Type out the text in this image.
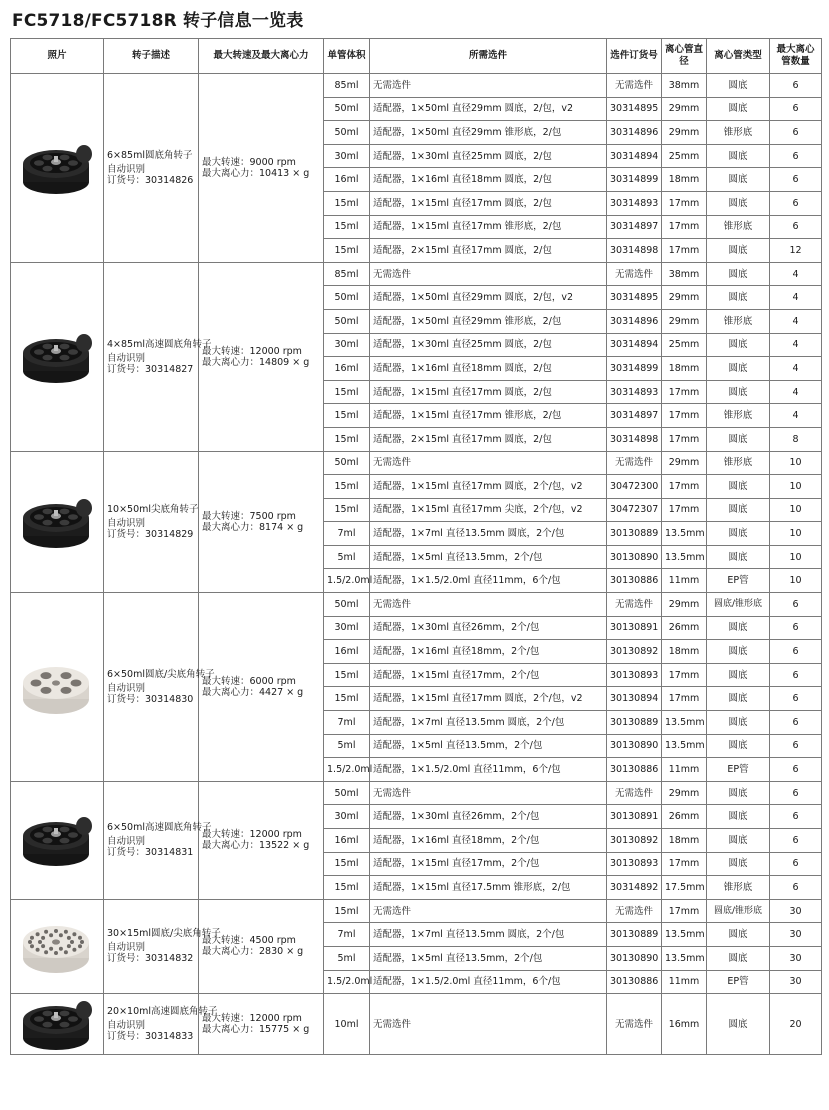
FC5718/FC5718R 转子信息一览表
照片	转子描述	最大转速及最大离心力	单管体积	所需选件	选件订货号	离心管直径	离心管类型	最大离心管数量

6×85ml圆底角转子
自动识别
订货号：30314826	最大转速：9000 rpm
最大离心力：10413 × g	85ml	无需选件	无需选件	38mm	圆底	6
			50ml	适配器，1×50ml 直径29mm 圆底，2/包，v2	30314895	29mm	圆底	6
			50ml	适配器，1×50ml 直径29mm 锥形底，2/包	30314896	29mm	锥形底	6
			30ml	适配器，1×30ml 直径25mm 圆底，2/包	30314894	25mm	圆底	6
			16ml	适配器，1×16ml 直径18mm 圆底，2/包	30314899	18mm	圆底	6
			15ml	适配器，1×15ml 直径17mm 圆底，2/包	30314893	17mm	圆底	6
			15ml	适配器，1×15ml 直径17mm 锥形底，2/包	30314897	17mm	锥形底	6
			15ml	适配器，2×15ml 直径17mm 圆底，2/包	30314898	17mm	圆底	12

4×85ml高速圆底角转子
自动识别
订货号：30314827	最大转速：12000 rpm
最大离心力：14809 × g	85ml	无需选件	无需选件	38mm	圆底	4
			50ml	适配器，1×50ml 直径29mm 圆底，2/包，v2	30314895	29mm	圆底	4
			50ml	适配器，1×50ml 直径29mm 锥形底，2/包	30314896	29mm	锥形底	4
			30ml	适配器，1×30ml 直径25mm 圆底，2/包	30314894	25mm	圆底	4
			16ml	适配器，1×16ml 直径18mm 圆底，2/包	30314899	18mm	圆底	4
			15ml	适配器，1×15ml 直径17mm 圆底，2/包	30314893	17mm	圆底	4
			15ml	适配器，1×15ml 直径17mm 锥形底，2/包	30314897	17mm	锥形底	4
			15ml	适配器，2×15ml 直径17mm 圆底，2/包	30314898	17mm	圆底	8

10×50ml尖底角转子
自动识别
订货号：30314829	最大转速：7500 rpm
最大离心力：8174 × g	50ml	无需选件	无需选件	29mm	锥形底	10
			15ml	适配器，1×15ml 直径17mm 圆底，2个/包，v2	30472300	17mm	圆底	10
			15ml	适配器，1×15ml 直径17mm 尖底，2个/包，v2	30472307	17mm	圆底	10
			7ml	适配器，1×7ml 直径13.5mm 圆底，2个/包	30130889	13.5mm	圆底	10
			5ml	适配器，1×5ml 直径13.5mm，2个/包	30130890	13.5mm	圆底	10
			1.5/2.0ml	适配器，1×1.5/2.0ml 直径11mm，6个/包	30130886	11mm	EP管	10

6×50ml圆底/尖底角转子
自动识别
订货号：30314830	最大转速：6000 rpm
最大离心力：4427 × g	50ml	无需选件	无需选件	29mm	圆底/锥形底	6
			30ml	适配器，1×30ml 直径26mm，2个/包	30130891	26mm	圆底	6
			16ml	适配器，1×16ml 直径18mm，2个/包	30130892	18mm	圆底	6
			15ml	适配器，1×15ml 直径17mm，2个/包	30130893	17mm	圆底	6
			15ml	适配器，1×15ml 直径17mm 圆底，2个/包，v2	30130894	17mm	圆底	6
			7ml	适配器，1×7ml 直径13.5mm 圆底，2个/包	30130889	13.5mm	圆底	6
			5ml	适配器，1×5ml 直径13.5mm，2个/包	30130890	13.5mm	圆底	6
			1.5/2.0ml	适配器，1×1.5/2.0ml 直径11mm，6个/包	30130886	11mm	EP管	6

6×50ml高速圆底角转子
自动识别
订货号：30314831	最大转速：12000 rpm
最大离心力：13522 × g	50ml	无需选件	无需选件	29mm	圆底	6
			30ml	适配器，1×30ml 直径26mm，2个/包	30130891	26mm	圆底	6
			16ml	适配器，1×16ml 直径18mm，2个/包	30130892	18mm	圆底	6
			15ml	适配器，1×15ml 直径17mm，2个/包	30130893	17mm	圆底	6
			15ml	适配器，1×15ml 直径17.5mm 锥形底，2/包	30314892	17.5mm	锥形底	6

30×15ml圆底/尖底角转子
自动识别
订货号：30314832	最大转速：4500 rpm
最大离心力：2830 × g	15ml	无需选件	无需选件	17mm	圆底/锥形底	30
			7ml	适配器，1×7ml 直径13.5mm 圆底，2个/包	30130889	13.5mm	圆底	30
			5ml	适配器，1×5ml 直径13.5mm，2个/包	30130890	13.5mm	圆底	30
			1.5/2.0ml	适配器，1×1.5/2.0ml 直径11mm，6个/包	30130886	11mm	EP管	30

20×10ml高速圆底角转子
自动识别
订货号：30314833	最大转速：12000 rpm
最大离心力：15775 × g	10ml	无需选件	无需选件	16mm	圆底	20
